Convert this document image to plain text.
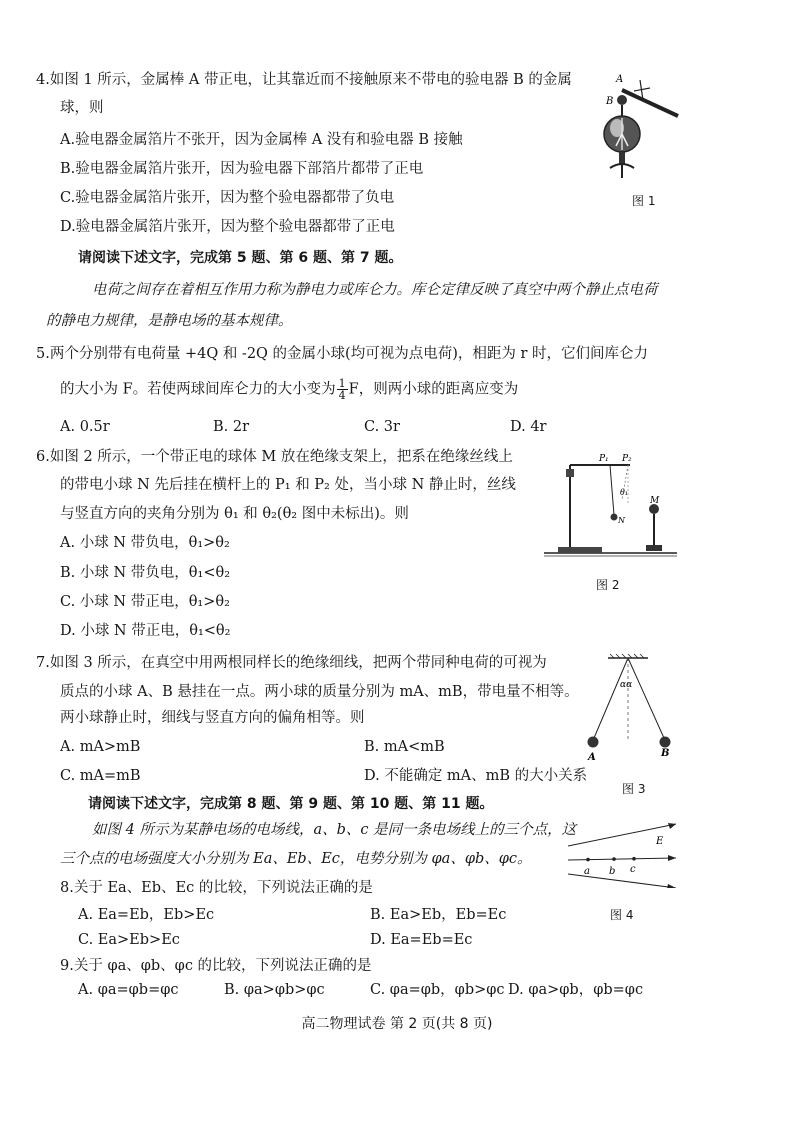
4.如图 1 所示，金属棒 A 带正电，让其靠近而不接触原来不带电的验电器 B 的金属
球，则
A.验电器金属箔片不张开，因为金属棒 A 没有和验电器 B 接触
B.验电器金属箔片张开，因为验电器下部箔片都带了正电
C.验电器金属箔片张开，因为整个验电器都带了负电
D.验电器金属箔片张开，因为整个验电器都带了正电
A
B
图 1
请阅读下述文字，完成第 5 题、第 6 题、第 7 题。
电荷之间存在着相互作用力称为静电力或库仑力。库仑定律反映了真空中两个静止点电荷
的静电力规律，是静电场的基本规律。
5.两个分别带有电荷量 +4Q 和 -2Q 的金属小球(均可视为点电荷)，相距为 r 时，它们间库仑力
的大小为 F。若使两球间库仑力的大小变为 $\frac{1}{4}$ F，则两小球的距离应变为
A. 0.5r	B. 2r	C. 3r	D. 4r
6.如图 2 所示，一个带正电的球体 M 放在绝缘支架上，把系在绝缘丝线上
的带电小球 N 先后挂在横杆上的 P₁ 和 P₂ 处，当小球 N 静止时，丝线
与竖直方向的夹角分别为 θ₁ 和 θ₂(θ₂ 图中未标出)。则
A. 小球 N 带负电，θ₁>θ₂
B. 小球 N 带负电，θ₁<θ₂
C. 小球 N 带正电，θ₁>θ₂
D. 小球 N 带正电，θ₁<θ₂
P₁ P₂
θ₁
N
M
图 2
7.如图 3 所示，在真空中用两根同样长的绝缘细线，把两个带同种电荷的可视为
质点的小球 A、B 悬挂在一点。两小球的质量分别为 mA、mB，带电量不相等。
两小球静止时，细线与竖直方向的偏角相等。则
A. mA>mB	B. mA<mB
C. mA=mB	D. 不能确定 mA、mB 的大小关系
αα
A	B
图 3
请阅读下述文字，完成第 8 题、第 9 题、第 10 题、第 11 题。
如图 4 所示为某静电场的电场线，a、b、c 是同一条电场线上的三个点，这
三个点的电场强度大小分别为 Ea、Eb、Ec，电势分别为 φa、φb、φc。
E
a b c
图 4
8.关于 Ea、Eb、Ec 的比较，下列说法正确的是
A. Ea=Eb，Eb>Ec	B. Ea>Eb，Eb=Ec
C. Ea>Eb>Ec	D. Ea=Eb=Ec
9.关于 φa、φb、φc 的比较，下列说法正确的是
A. φa=φb=φc	B. φa>φb>φc	C. φa=φb，φb>φc D. φa>φb，φb=φc
高二物理试卷 第 2 页(共 8 页)
